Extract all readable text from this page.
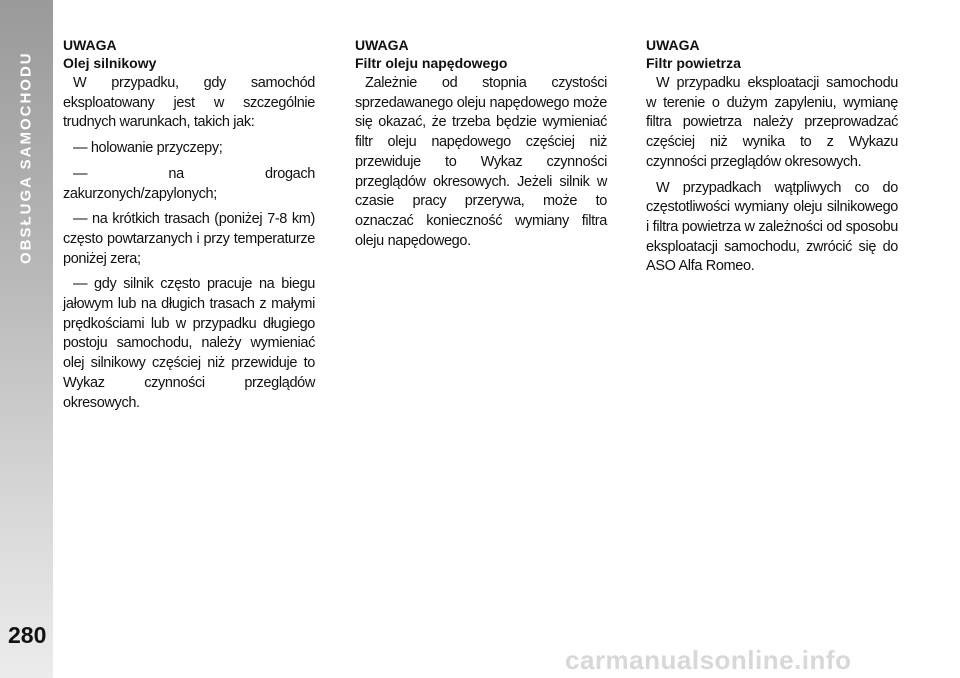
OBSŁUGA SAMOCHODU
280
UWAGA
Olej silnikowy

W przypadku, gdy samochód eksploatowany jest w szczególnie trudnych warunkach, takich jak:

— holowanie przyczepy;

— na drogach zakurzonych/zapylonych;

— na krótkich trasach (poniżej 7-8 km) często powtarzanych i przy temperaturze poniżej zera;

— gdy silnik często pracuje na biegu jałowym lub na długich trasach z małymi prędkościami lub w przypadku długiego postoju samochodu, należy wymieniać olej silnikowy częściej niż przewiduje to Wykaz czynności przeglądów okresowych.

UWAGA
Filtr oleju napędowego

Zależnie od stopnia czystości sprzedawanego oleju napędowego może się okazać, że trzeba będzie wymieniać filtr oleju napędowego częściej niż przewiduje to Wykaz czynności przeglądów okresowych. Jeżeli silnik w czasie pracy przerywa, może to oznaczać konieczność wymiany filtra oleju napędowego.

UWAGA
Filtr powietrza

W przypadku eksploatacji samochodu w terenie o dużym zapyleniu, wymianę filtra powietrza należy przeprowadzać częściej niż wynika to z Wykazu czynności przeglądów okresowych.

W przypadkach wątpliwych co do częstotliwości wymiany oleju silnikowego i filtra powietrza w zależności od sposobu eksploatacji samochodu, zwrócić się do ASO Alfa Romeo.

carmanualsonline.info
